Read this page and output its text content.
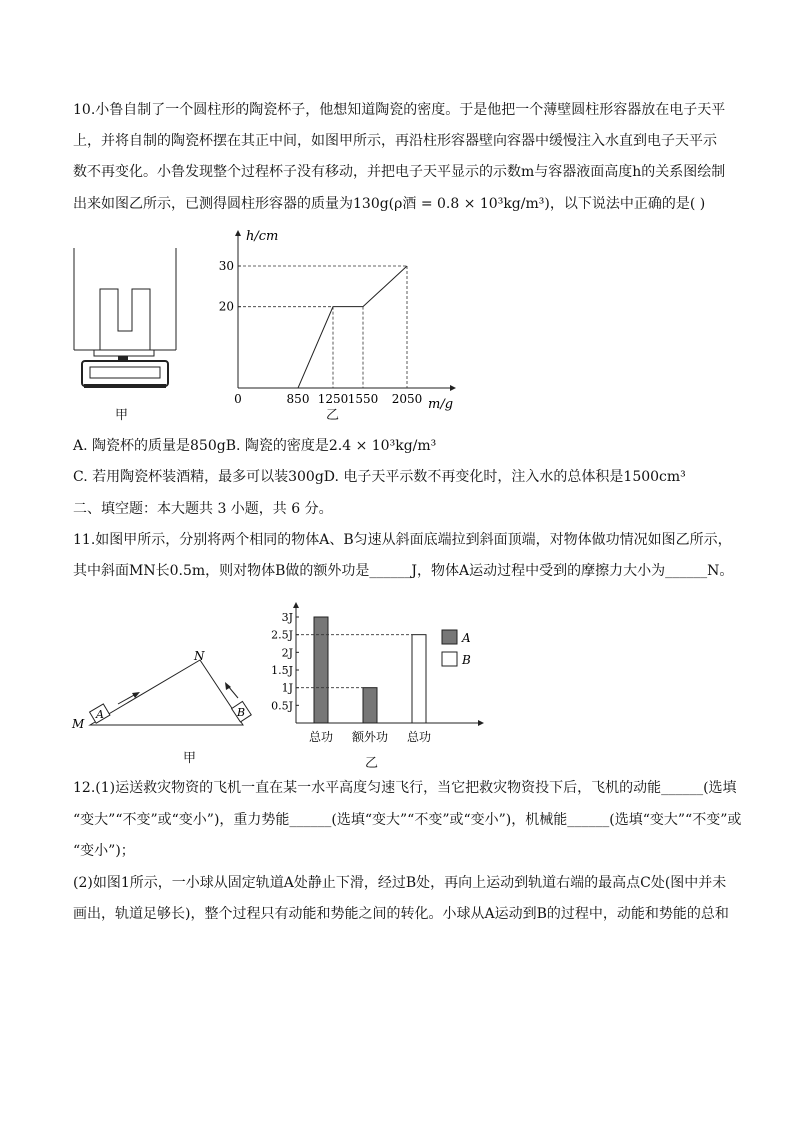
10.小鲁自制了一个圆柱形的陶瓷杯子，他想知道陶瓷的密度。于是他把一个薄壁圆柱形容器放在电子天平
上，并将自制的陶瓷杯摆在其正中间，如图甲所示，再沿柱形容器壁向容器中缓慢注入水直到电子天平示
数不再变化。小鲁发现整个过程杯子没有移动，并把电子天平显示的示数m与容器液面高度h的关系图绘制
出来如图乙所示，已测得圆柱形容器的质量为130g(ρ酒 = 0.8 × 10³kg/m³)，以下说法中正确的是( )
甲
h/cm
m/g
0	850 1250 1550 2050
20
30
乙
A. 陶瓷杯的质量是850gB. 陶瓷的密度是2.4 × 10³kg/m³
C. 若用陶瓷杯装酒精，最多可以装300gD. 电子天平示数不再变化时，注入水的总体积是1500cm³
二、填空题：本大题共 3 小题，共 6 分。
11.如图甲所示，分别将两个相同的物体A、B匀速从斜面底端拉到斜面顶端，对物体做功情况如图乙所示，
其中斜面MN长0.5m，则对物体B做的额外功是______J，物体A运动过程中受到的摩擦力大小为______N。
A	B
N
M
甲
0.5J
1J
1.5J
2J
2.5J
3J
总功 额外功 总功
A
B
乙
12.(1)运送救灾物资的飞机一直在某一水平高度匀速飞行，当它把救灾物资投下后，飞机的动能______(选填
“变大”“不变”或“变小”)，重力势能______(选填“变大”“不变”或“变小”)，机械能______(选填“变大”“不变”或
“变小”)；
(2)如图1所示，一小球从固定轨道A处静止下滑，经过B处，再向上运动到轨道右端的最高点C处(图中并未
画出，轨道足够长)，整个过程只有动能和势能之间的转化。小球从A运动到B的过程中，动能和势能的总和
